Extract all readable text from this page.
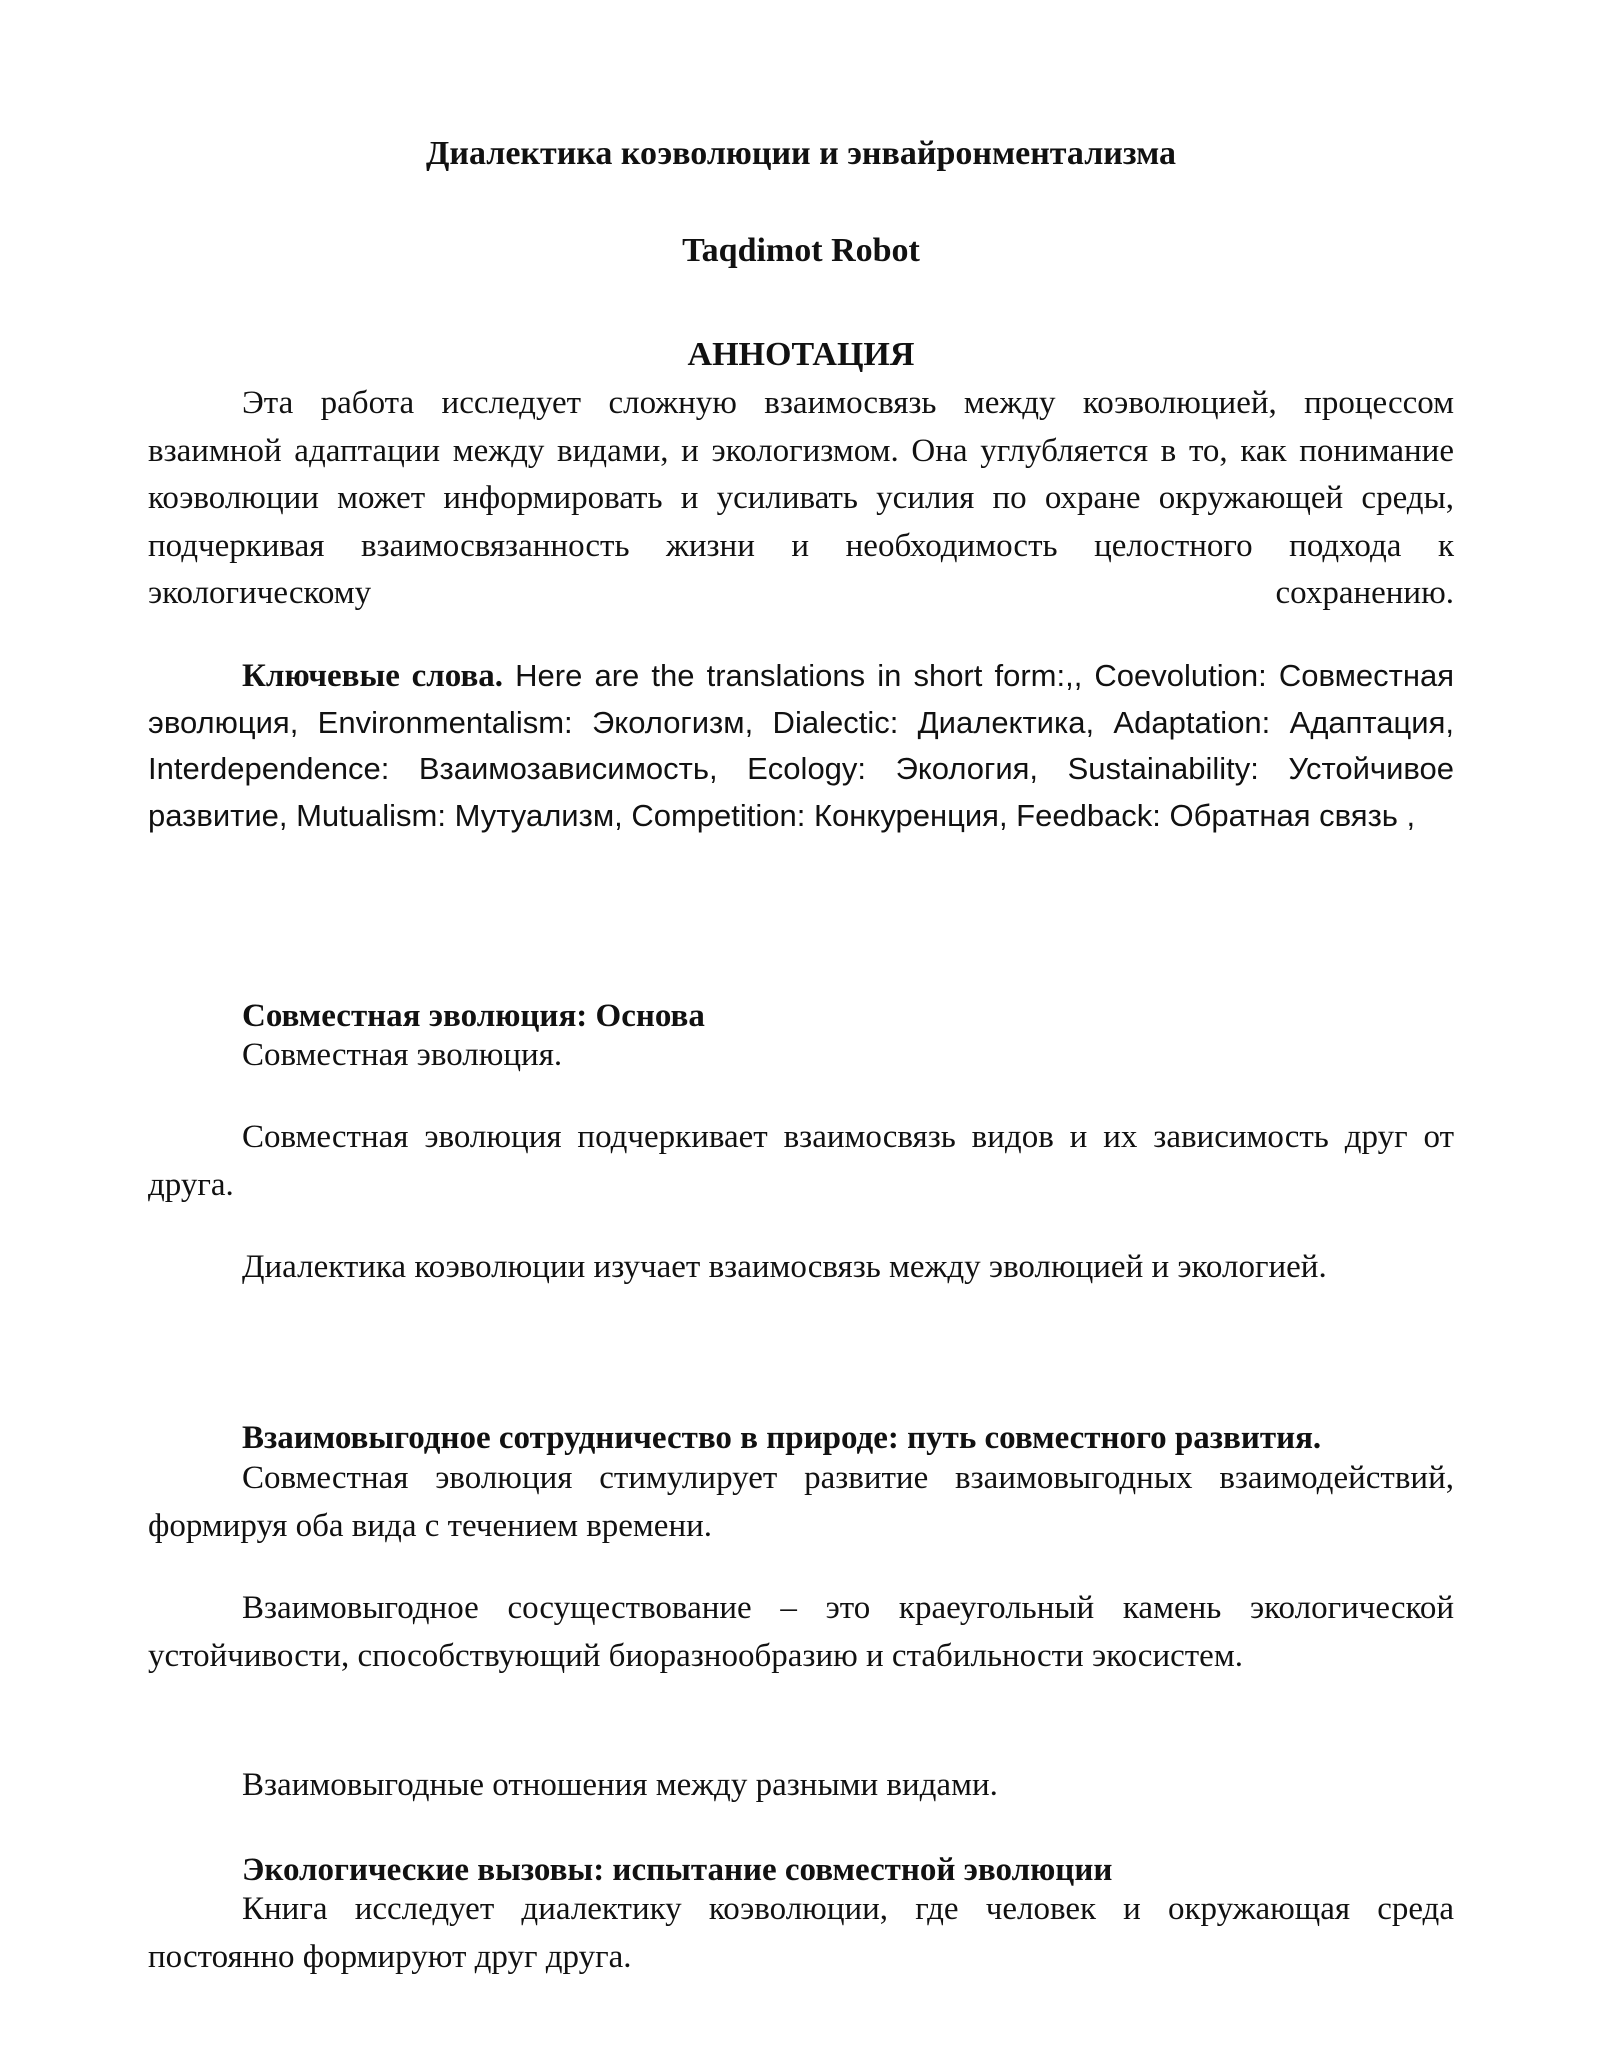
Диалектика коэволюции и энвайронментализма
Taqdimot Robot
АННОТАЦИЯ

Эта работа исследует сложную взаимосвязь между коэволюцией, процессом взаимной адаптации между видами, и экологизмом. Она углубляется в то, как понимание коэволюции может информировать и усиливать усилия по охране окружающей среды, подчеркивая взаимосвязанность жизни и необходимость целостного подхода к экологическому сохранению.

Ключевые слова. Here are the translations in short form:,, Coevolution: Совместная эволюция, Environmentalism: Экологизм, Dialectic: Диалектика, Adaptation: Адаптация, Interdependence: Взаимозависимость, Ecology: Экология, Sustainability: Устойчивое развитие, Mutualism: Мутуализм, Competition: Конкуренция, Feedback: Обратная связь ,

Совместная эволюция: Основа

Совместная эволюция.

Совместная эволюция подчеркивает взаимосвязь видов и их зависимость друг от друга.

Диалектика коэволюции изучает взаимосвязь между эволюцией и экологией.

Взаимовыгодное сотрудничество в природе: путь совместного развития.

Совместная эволюция стимулирует развитие взаимовыгодных взаимодействий, формируя оба вида с течением времени.

Взаимовыгодное сосуществование – это краеугольный камень экологической устойчивости, способствующий биоразнообразию и стабильности экосистем.

Взаимовыгодные отношения между разными видами.

Экологические вызовы: испытание совместной эволюции

Книга исследует диалектику коэволюции, где человек и окружающая среда постоянно формируют друг друга.
